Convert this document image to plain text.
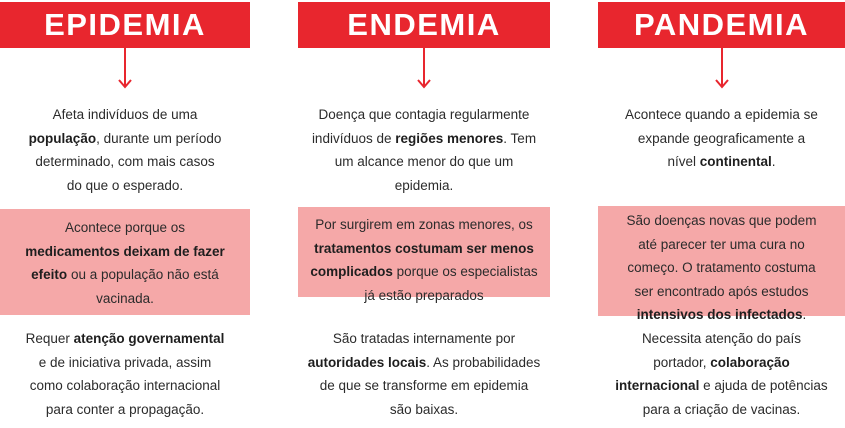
EPIDEMIA
Afeta indivíduos de uma
população, durante um período
determinado, com mais casos
do que o esperado.
Acontece porque os
medicamentos deixam de fazer
efeito ou a população não está
vacinada.
Requer atenção governamental
e de iniciativa privada, assim
como colaboração internacional
para conter a propagação.
ENDEMIA
Doença que contagia regularmente
indivíduos de regiões menores. Tem
um alcance menor do que um
epidemia.
Por surgirem em zonas menores, os
tratamentos costumam ser menos
complicados porque os especialistas
já estão preparados
São tratadas internamente por
autoridades locais. As probabilidades
de que se transforme em epidemia
são baixas.
PANDEMIA
Acontece quando a epidemia se
expande geograficamente a
nível continental.
São doenças novas que podem
até parecer ter uma cura no
começo. O tratamento costuma
ser encontrado após estudos
intensivos dos infectados.
Necessita atenção do país
portador, colaboração
internacional e ajuda de potências
para a criação de vacinas.
